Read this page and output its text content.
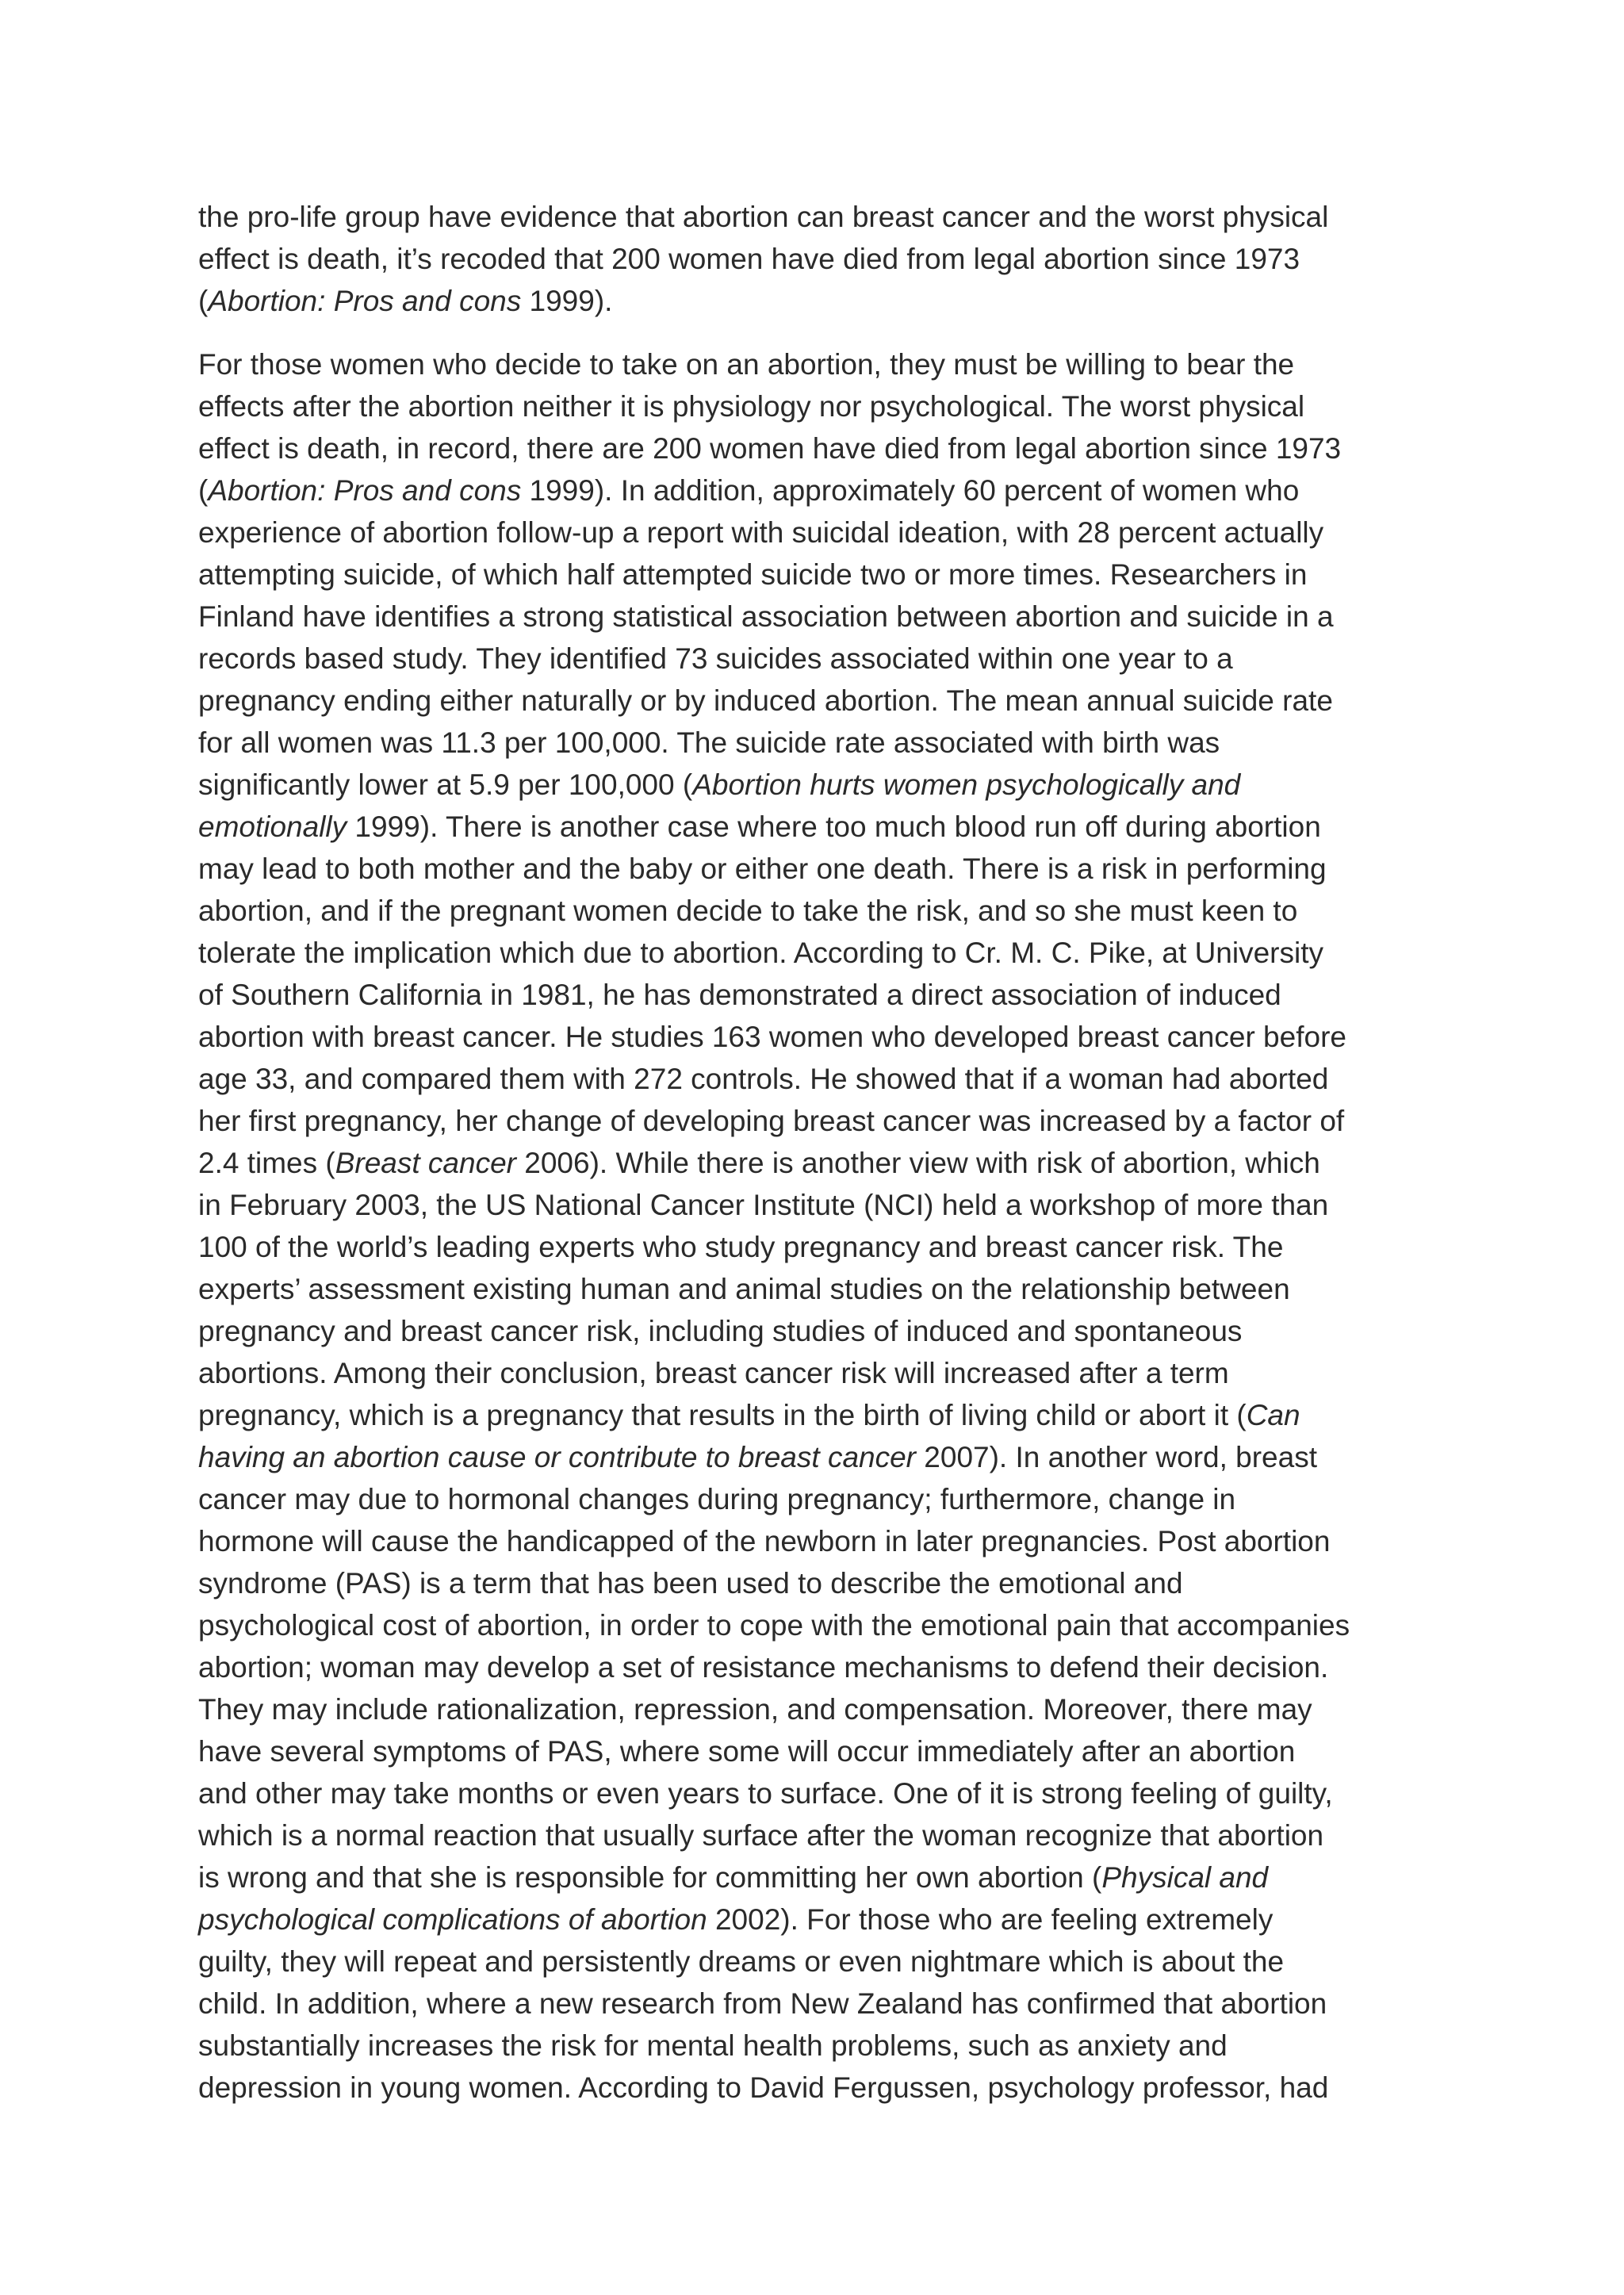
the pro-life group have evidence that abortion can breast cancer and the worst physical
effect is death, it’s recoded that 200 women have died from legal abortion since 1973
(Abortion: Pros and cons 1999).

For those women who decide to take on an abortion, they must be willing to bear the
effects after the abortion neither it is physiology nor psychological. The worst physical
effect is death, in record, there are 200 women have died from legal abortion since 1973
(Abortion: Pros and cons 1999). In addition, approximately 60 percent of women who
experience of abortion follow-up a report with suicidal ideation, with 28 percent actually
attempting suicide, of which half attempted suicide two or more times. Researchers in
Finland have identifies a strong statistical association between abortion and suicide in a
records based study. They identified 73 suicides associated within one year to a
pregnancy ending either naturally or by induced abortion. The mean annual suicide rate
for all women was 11.3 per 100,000. The suicide rate associated with birth was
significantly lower at 5.9 per 100,000 (Abortion hurts women psychologically and
emotionally 1999). There is another case where too much blood run off during abortion
may lead to both mother and the baby or either one death. There is a risk in performing
abortion, and if the pregnant women decide to take the risk, and so she must keen to
tolerate the implication which due to abortion. According to Cr. M. C. Pike, at University
of Southern California in 1981, he has demonstrated a direct association of induced
abortion with breast cancer. He studies 163 women who developed breast cancer before
age 33, and compared them with 272 controls. He showed that if a woman had aborted
her first pregnancy, her change of developing breast cancer was increased by a factor of
2.4 times (Breast cancer 2006). While there is another view with risk of abortion, which
in February 2003, the US National Cancer Institute (NCI) held a workshop of more than
100 of the world’s leading experts who study pregnancy and breast cancer risk. The
experts’ assessment existing human and animal studies on the relationship between
pregnancy and breast cancer risk, including studies of induced and spontaneous
abortions. Among their conclusion, breast cancer risk will increased after a term
pregnancy, which is a pregnancy that results in the birth of living child or abort it (Can
having an abortion cause or contribute to breast cancer 2007). In another word, breast
cancer may due to hormonal changes during pregnancy; furthermore, change in
hormone will cause the handicapped of the newborn in later pregnancies. Post abortion
syndrome (PAS) is a term that has been used to describe the emotional and
psychological cost of abortion, in order to cope with the emotional pain that accompanies
abortion; woman may develop a set of resistance mechanisms to defend their decision.
They may include rationalization, repression, and compensation. Moreover, there may
have several symptoms of PAS, where some will occur immediately after an abortion
and other may take months or even years to surface. One of it is strong feeling of guilty,
which is a normal reaction that usually surface after the woman recognize that abortion
is wrong and that she is responsible for committing her own abortion (Physical and
psychological complications of abortion 2002). For those who are feeling extremely
guilty, they will repeat and persistently dreams or even nightmare which is about the
child. In addition, where a new research from New Zealand has confirmed that abortion
substantially increases the risk for mental health problems, such as anxiety and
depression in young women. According to David Fergussen, psychology professor, had
